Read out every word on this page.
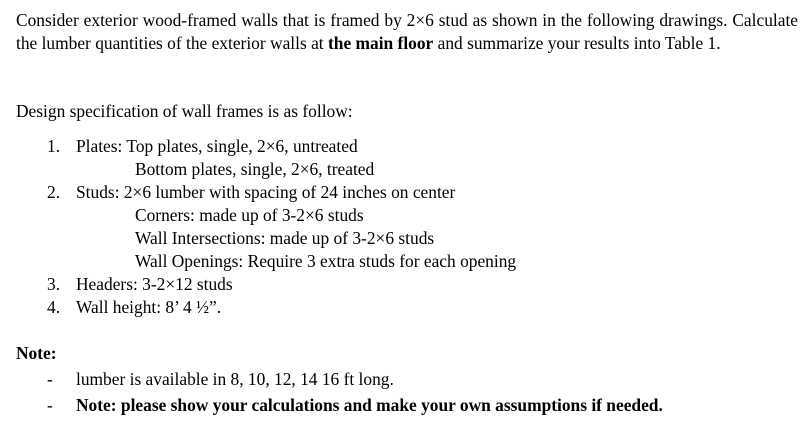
Consider exterior wood-framed walls that is framed by 2×6 stud as shown in the following drawings. Calculate the lumber quantities of the exterior walls at the main floor and summarize your results into Table 1.
Design specification of wall frames is as follow:
1. Plates: Top plates, single, 2×6, untreated
Bottom plates, single, 2×6, treated
2. Studs: 2×6 lumber with spacing of 24 inches on center
Corners: made up of 3-2×6 studs
Wall Intersections: made up of 3-2×6 studs
Wall Openings: Require 3 extra studs for each opening
3. Headers: 3-2×12 studs
4. Wall height: 8’ 4 ½”.
Note:
- lumber is available in 8, 10, 12, 14 16 ft long.
- Note: please show your calculations and make your own assumptions if needed.
